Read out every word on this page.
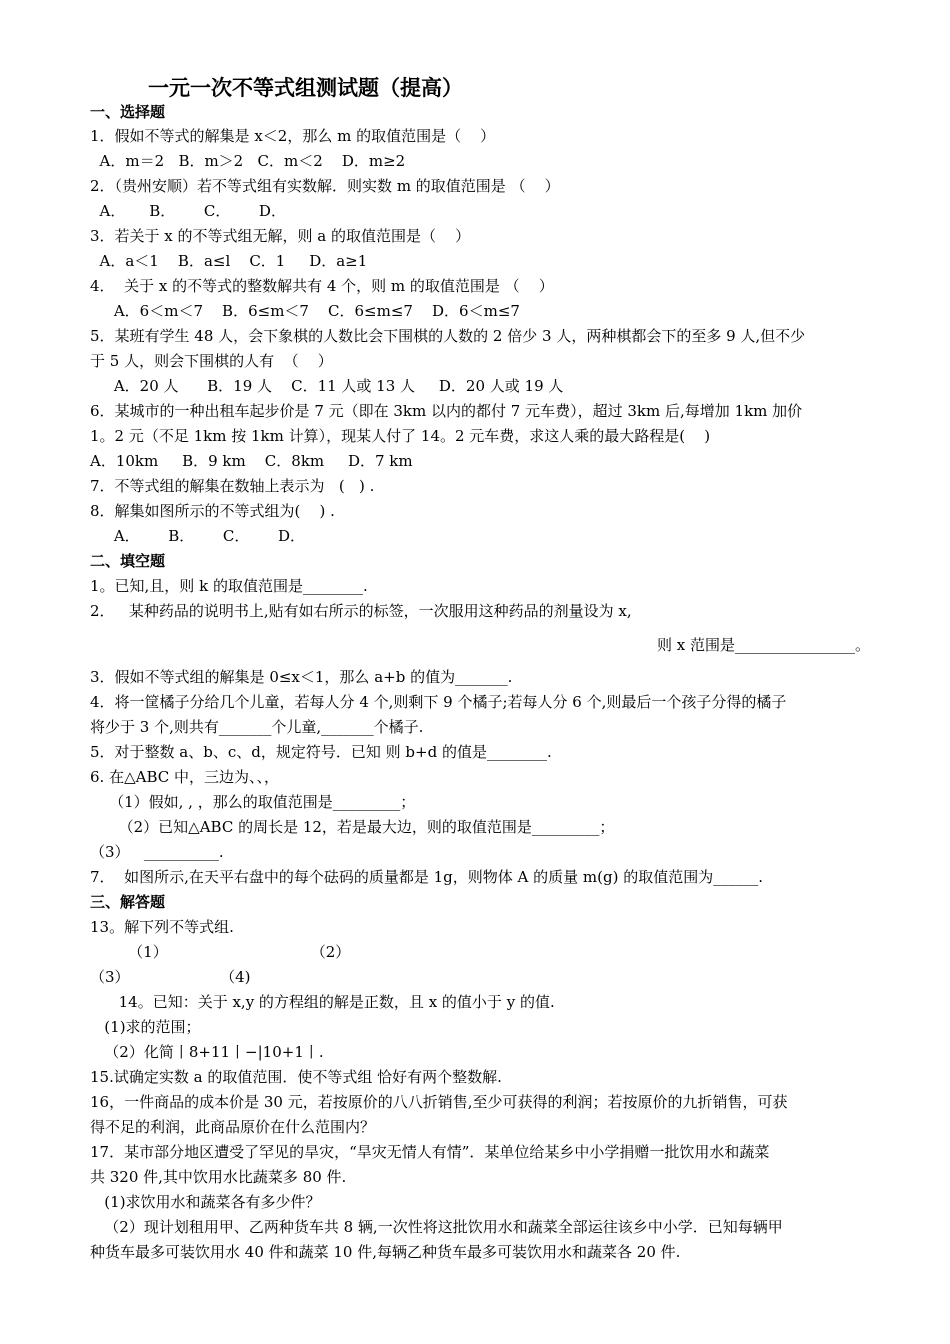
一元一次不等式组测试题（提高）
一、选择题
1．假如不等式的解集是 x＜2，那么 m 的取值范围是（    ）
A．m＝2   B．m＞2   C．m＜2    D．m≥2
2．（贵州安顺）若不等式组有实数解．则实数 m 的取值范围是 （    ）
A．     B．      C．      D．
3．若关于 x 的不等式组无解，则 a 的取值范围是（    ）
A．a＜1    B．a≤l    C．1     D．a≥1
4．  关于 x 的不等式的整数解共有 4 个，则 m 的取值范围是 （    ）
A．6＜m＜7    B．6≤m＜7    C．6≤m≤7    D．6＜m≤7
5．某班有学生 48 人，会下象棋的人数比会下围棋的人数的 2 倍少 3 人，两种棋都会下的至多 9 人,但不少
于 5 人，则会下围棋的人有  （    ）
A．20 人      B．19 人    C．11 人或 13 人     D．20 人或 19 人
6．某城市的一种出租车起步价是 7 元（即在 3km 以内的都付 7 元车费），超过 3km 后,每增加 1km 加价
1。2 元（不足 1km 按 1km 计算），现某人付了 14。2 元车费，求这人乘的最大路程是(    )
A．10km     B．9 km    C．8km     D．7 km
7．不等式组的解集在数轴上表示为   (   ) .
8．解集如图所示的不等式组为(    ) .
A．      B．      C．      D．
二、填空题
1。已知,且，则 k 的取值范围是________.
2．   某种药品的说明书上,贴有如右所示的标签，一次服用这种药品的剂量设为 x,
则 x 范围是________________。
3．假如不等式组的解集是 0≤x＜1，那么 a+b 的值为_______.
4．将一筐橘子分给几个儿童，若每人分 4 个,则剩下 9 个橘子;若每人分 6 个,则最后一个孩子分得的橘子
将少于 3 个,则共有_______个儿童,_______个橘子.
5．对于整数 a、b、c、d，规定符号．已知 则 b+d 的值是________.
6. 在△ABC 中，三边为、、，
（1）假如, , ，那么的取值范围是_________；
（2）已知△ABC 的周长是 12，若是最大边，则的取值范围是_________；
（3）   __________.
7．  如图所示,在天平右盘中的每个砝码的质量都是 1g，则物体 A 的质量 m(g) 的取值范围为______.
三、解答题
13。解下列不等式组.
（1）                              （2）
（3）                   （4)
14。已知：关于 x,y 的方程组的解是正数，且 x 的值小于 y 的值.
(1)求的范围；
（2）化简丨8+11丨−|10+1丨.
15.试确定实数 a 的取值范围．使不等式组 恰好有两个整数解.
16，一件商品的成本价是 30 元，若按原价的八八折销售,至少可获得的利润；若按原价的九折销售，可获
得不足的利润，此商品原价在什么范围内？
17．某市部分地区遭受了罕见的旱灾，“旱灾无情人有情”．某单位给某乡中小学捐赠一批饮用水和蔬菜
共 320 件,其中饮用水比蔬菜多 80 件.
(1)求饮用水和蔬菜各有多少件？
（2）现计划租用甲、乙两种货车共 8 辆,一次性将这批饮用水和蔬菜全部运往该乡中小学．已知每辆甲
种货车最多可装饮用水 40 件和蔬菜 10 件,每辆乙种货车最多可装饮用水和蔬菜各 20 件.
